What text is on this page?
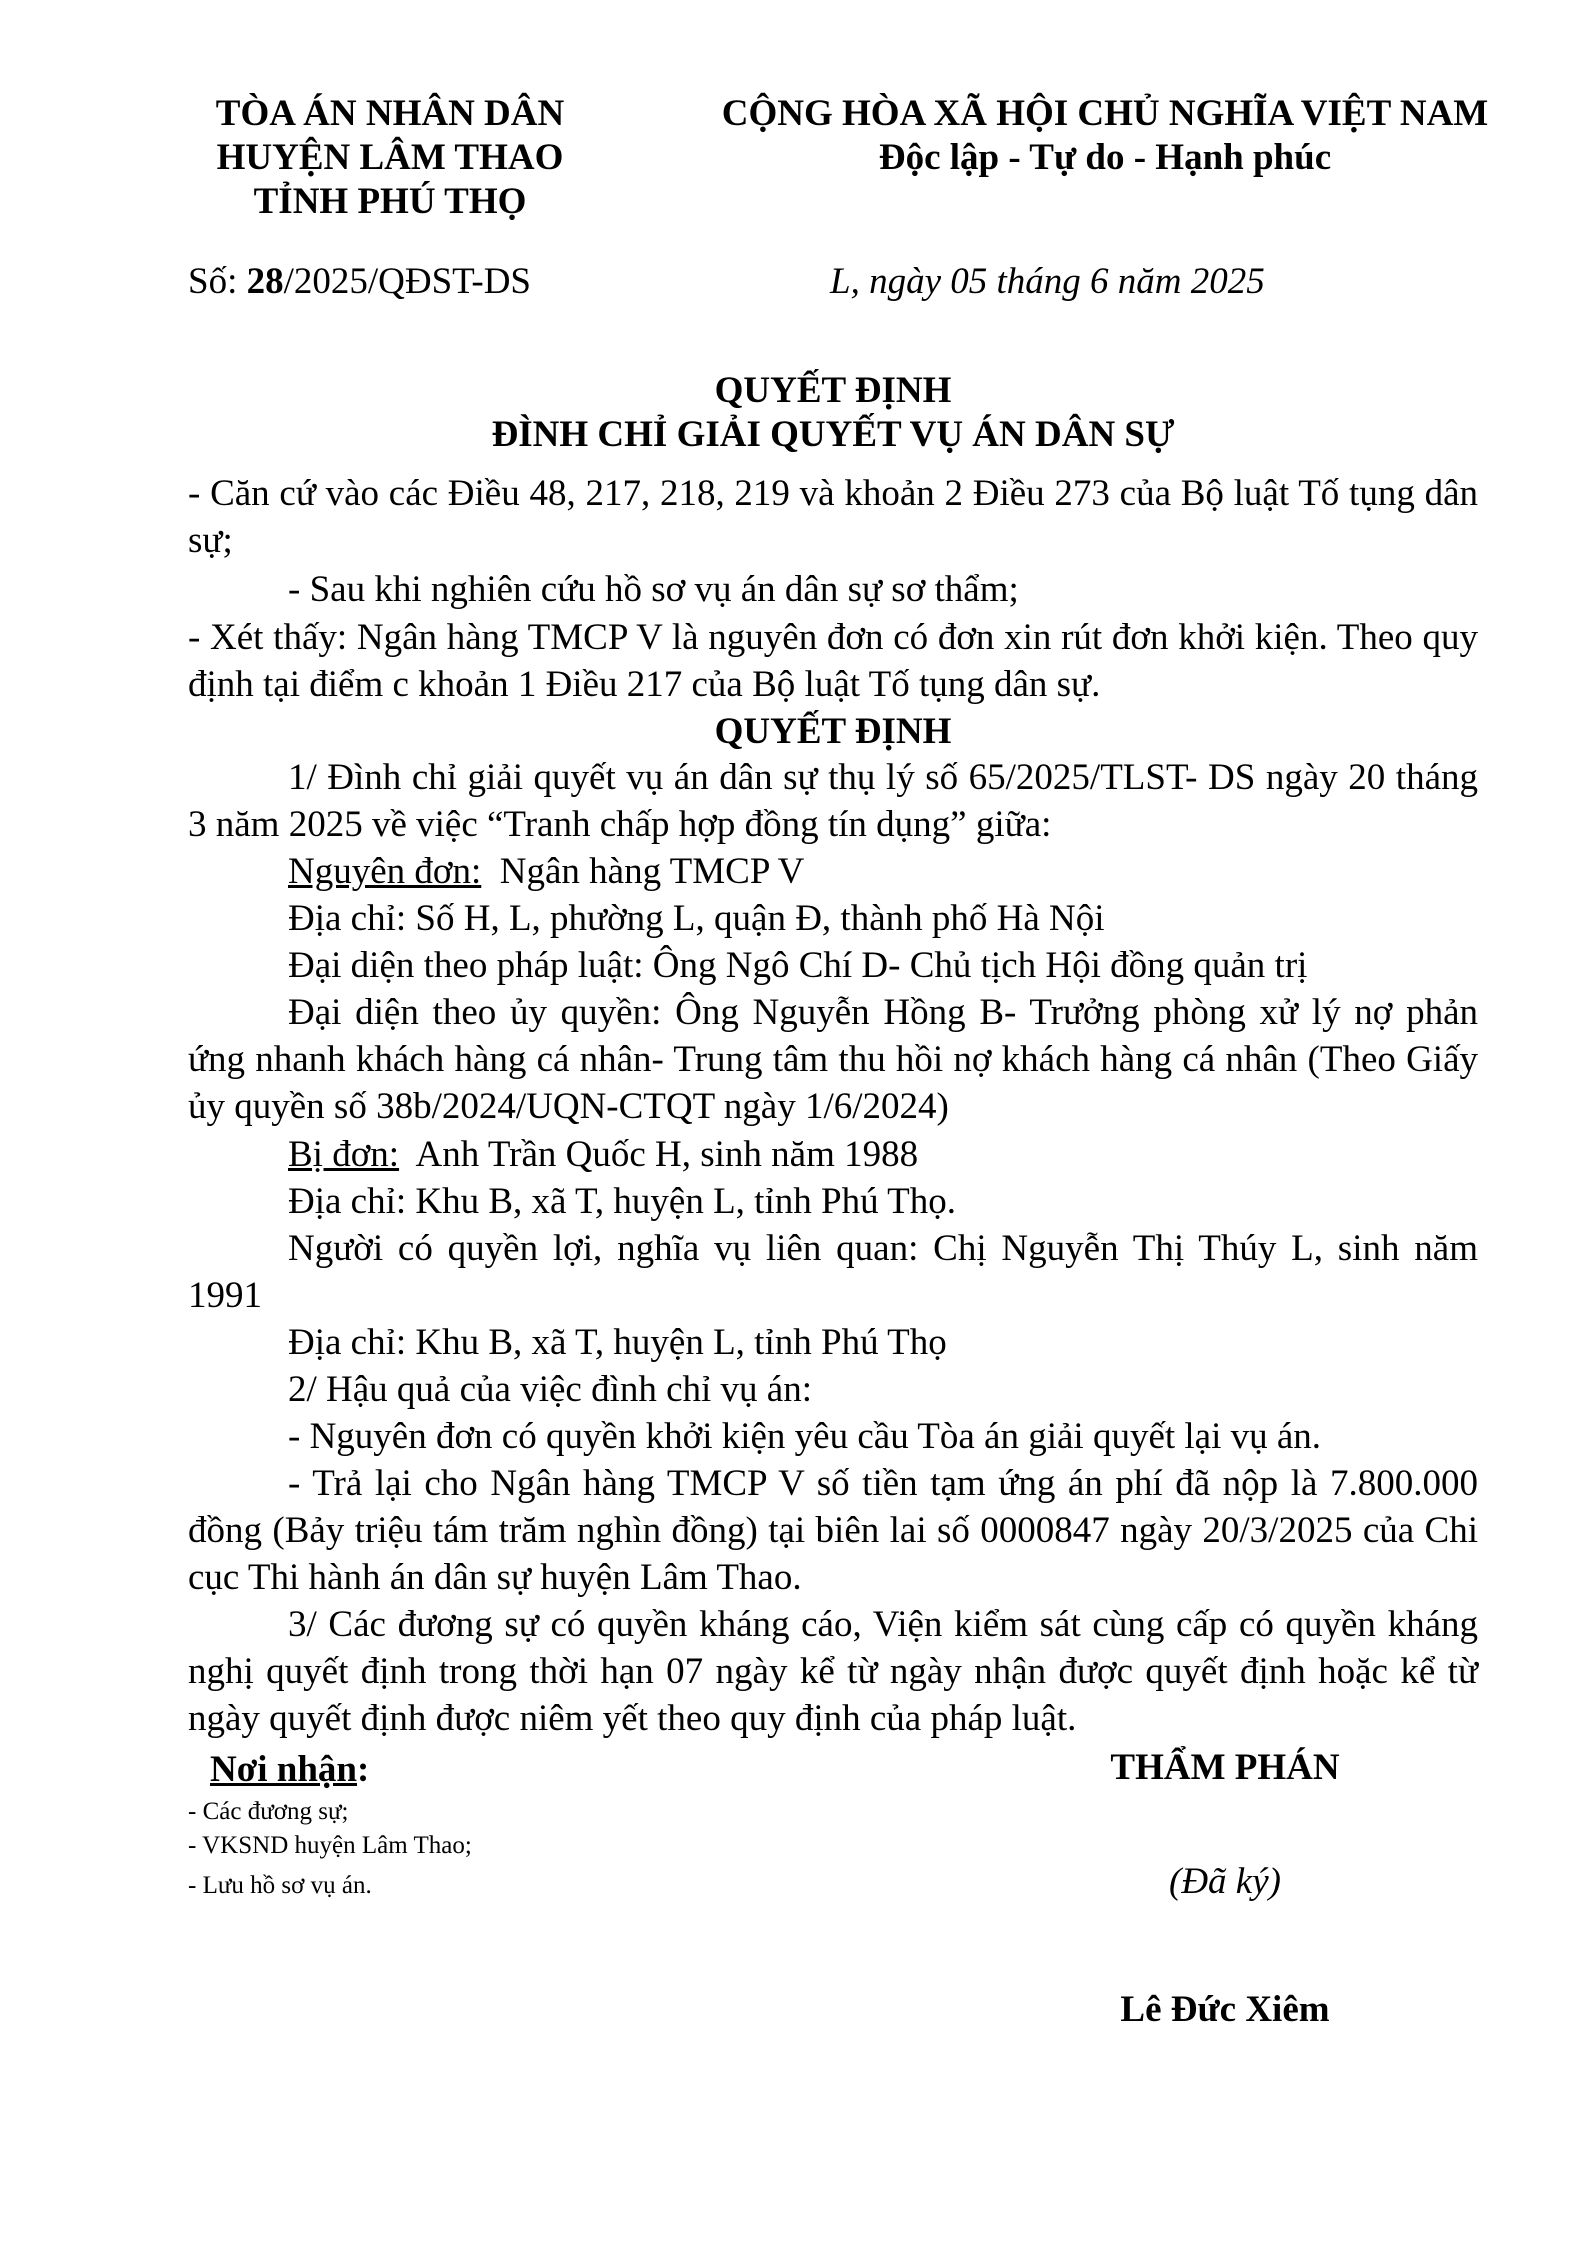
TÒA ÁN NHÂN DÂN
HUYỆN LÂM THAO
TỈNH PHÚ THỌ
CỘNG HÒA XÃ HỘI CHỦ NGHĨA VIỆT NAM
Độc lập - Tự do - Hạnh phúc
Số: 28/2025/QĐST-DS	L, ngày 05 tháng 6 năm 2025
QUYẾT ĐỊNH
ĐÌNH CHỈ GIẢI QUYẾT VỤ ÁN DÂN SỰ
- Căn cứ vào các Điều 48, 217, 218, 219 và khoản 2 Điều 273 của Bộ luật Tố tụng dân sự;
- Sau khi nghiên cứu hồ sơ vụ án dân sự sơ thẩm;
- Xét thấy: Ngân hàng TMCP V là nguyên đơn có đơn xin rút đơn khởi kiện. Theo quy định tại điểm c khoản 1 Điều 217 của Bộ luật Tố tụng dân sự.
QUYẾT ĐỊNH
1/ Đình chỉ giải quyết vụ án dân sự thụ lý số 65/2025/TLST- DS ngày 20 tháng 3 năm 2025 về việc “Tranh chấp hợp đồng tín dụng” giữa:
Nguyên đơn:  Ngân hàng TMCP V
Địa chỉ: Số H, L, phường L, quận Đ, thành phố Hà Nội
Đại diện theo pháp luật: Ông Ngô Chí D- Chủ tịch Hội đồng quản trị
Đại diện theo ủy quyền: Ông Nguyễn Hồng B- Trưởng phòng xử lý nợ phản ứng nhanh khách hàng cá nhân- Trung tâm thu hồi nợ khách hàng cá nhân (Theo Giấy ủy quyền số 38b/2024/UQN-CTQT ngày 1/6/2024)
Bị đơn:  Anh Trần Quốc H, sinh năm 1988
Địa chỉ: Khu B, xã T, huyện L, tỉnh Phú Thọ.
Người có quyền lợi, nghĩa vụ liên quan: Chị Nguyễn Thị Thúy L, sinh năm 1991
Địa chỉ: Khu B, xã T, huyện L, tỉnh Phú Thọ
2/ Hậu quả của việc đình chỉ vụ án:
- Nguyên đơn có quyền khởi kiện yêu cầu Tòa án giải quyết lại vụ án.
- Trả lại cho Ngân hàng TMCP V số tiền tạm ứng án phí đã nộp là 7.800.000 đồng (Bảy triệu tám trăm nghìn đồng) tại biên lai số 0000847 ngày 20/3/2025 của Chi cục Thi hành án dân sự huyện Lâm Thao.
3/ Các đương sự có quyền kháng cáo, Viện kiểm sát cùng cấp có quyền kháng nghị quyết định trong thời hạn 07 ngày kể từ ngày nhận được quyết định hoặc kể từ ngày quyết định được niêm yết theo quy định của pháp luật.
Nơi nhận:
- Các đương sự;
- VKSND huyện Lâm Thao;
- Lưu hồ sơ vụ án.
THẨM PHÁN
(Đã ký)
Lê Đức Xiêm
